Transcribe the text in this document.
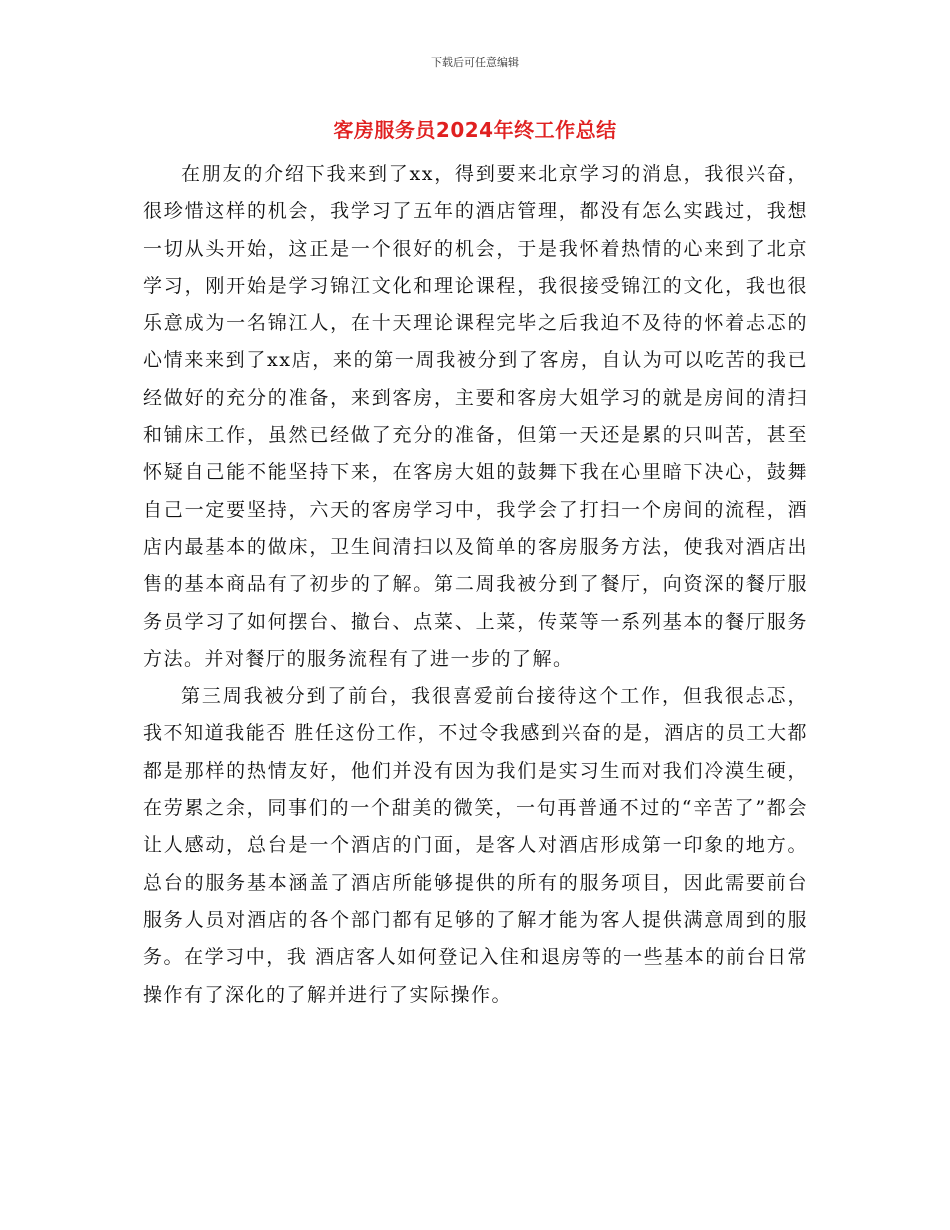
下载后可任意编辑
客房服务员2024年终工作总结

在朋友的介绍下我来到了xx，得到要来北京学习的消息，我很兴奋，很珍惜这样的机会，我学习了五年的酒店管理，都没有怎么实践过，我想一切从头开始，这正是一个很好的机会，于是我怀着热情的心来到了北京学习，刚开始是学习锦江文化和理论课程，我很接受锦江的文化，我也很乐意成为一名锦江人，在十天理论课程完毕之后我迫不及待的怀着忐忑的心情来来到了xx店，来的第一周我被分到了客房，自认为可以吃苦的我已经做好的充分的准备，来到客房，主要和客房大姐学习的就是房间的清扫和铺床工作，虽然已经做了充分的准备，但第一天还是累的只叫苦，甚至怀疑自己能不能坚持下来，在客房大姐的鼓舞下我在心里暗下决心，鼓舞自己一定要坚持，六天的客房学习中，我学会了打扫一个房间的流程，酒店内最基本的做床，卫生间清扫以及简单的客房服务方法，使我对酒店出售的基本商品有了初步的了解。第二周我被分到了餐厅，向资深的餐厅服务员学习了如何摆台、撤台、点菜、上菜，传菜等一系列基本的餐厅服务方法。并对餐厅的服务流程有了进一步的了解。

第三周我被分到了前台，我很喜爱前台接待这个工作，但我很忐忑，我不知道我能否 胜任这份工作，不过令我感到兴奋的是，酒店的员工大都都是那样的热情友好，他们并没有因为我们是实习生而对我们冷漠生硬，在劳累之余，同事们的一个甜美的微笑，一句再普通不过的“辛苦了”都会让人感动，总台是一个酒店的门面，是客人对酒店形成第一印象的地方。总台的服务基本涵盖了酒店所能够提供的所有的服务项目，因此需要前台服务人员对酒店的各个部门都有足够的了解才能为客人提供满意周到的服务。在学习中，我 酒店客人如何登记入住和退房等的一些基本的前台日常操作有了深化的了解并进行了实际操作。
